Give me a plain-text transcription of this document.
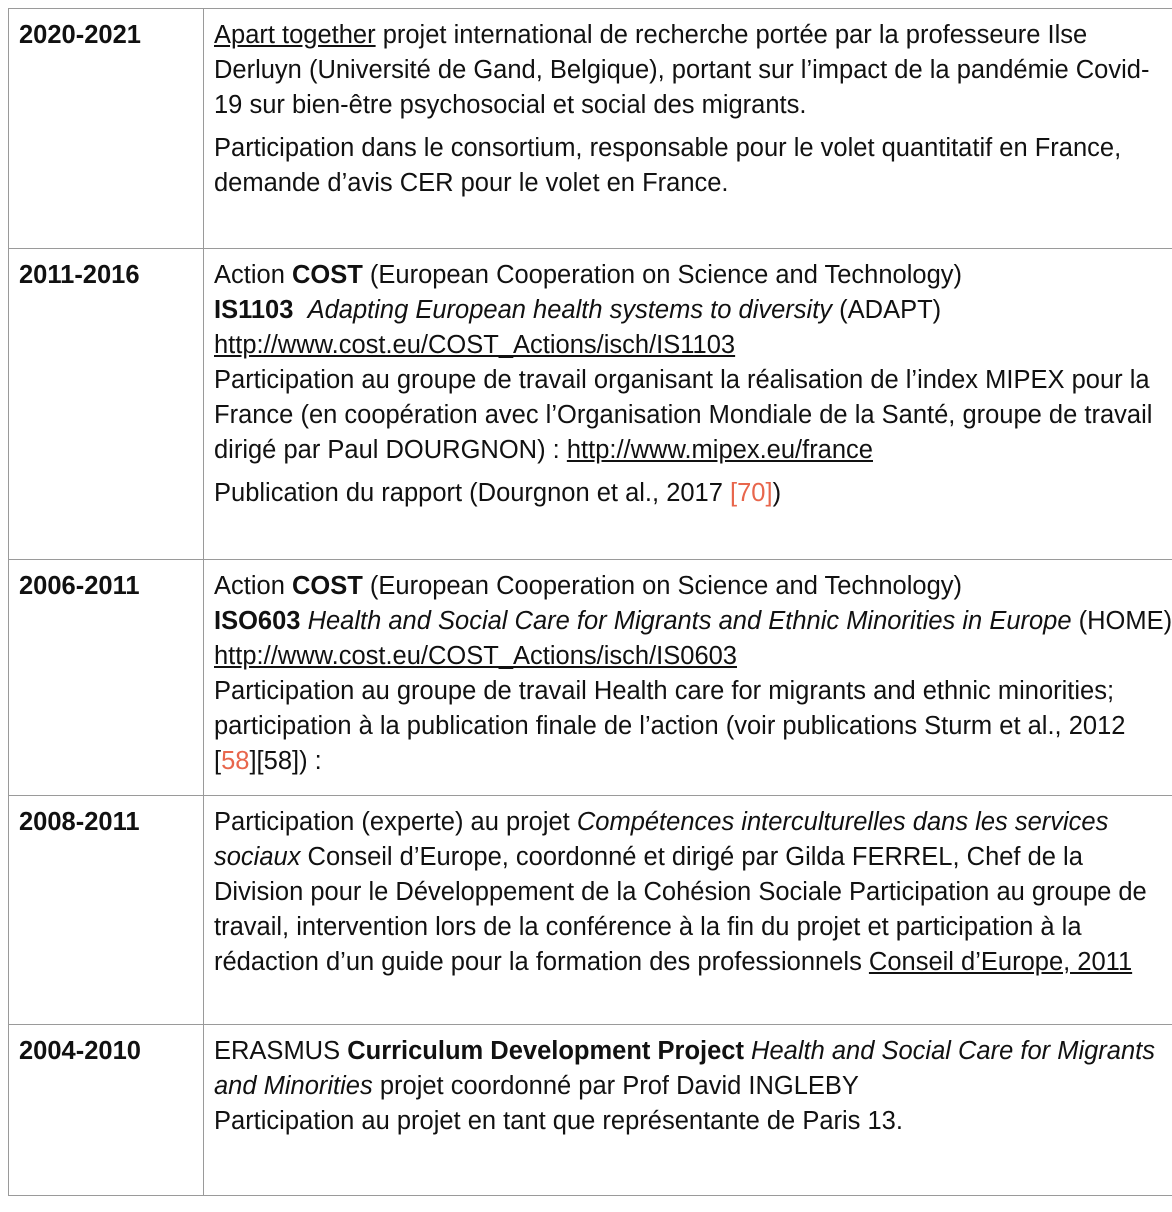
2020-2021	Apart together projet international de recherche portée par la professeure Ilse Derluyn (Université de Gand, Belgique), portant sur l’impact de la pandémie Covid-19 sur bien-être psychosocial et social des migrants.

Participation dans le consortium, responsable pour le volet quantitatif en France, demande d’avis CER pour le volet en France.

2011-2016	Action COST (European Cooperation on Science and Technology)
IS1103 Adapting European health systems to diversity (ADAPT)
http://www.cost.eu/COST_Actions/isch/IS1103
Participation au groupe de travail organisant la réalisation de l’index MIPEX pour la France (en coopération avec l’Organisation Mondiale de la Santé, groupe de travail dirigé par Paul DOURGNON) : http://www.mipex.eu/france

Publication du rapport (Dourgnon et al., 2017 [70])

2006-2011	Action COST (European Cooperation on Science and Technology)
ISO603 Health and Social Care for Migrants and Ethnic Minorities in Europe (HOME) http://www.cost.eu/COST_Actions/isch/IS0603
Participation au groupe de travail Health care for migrants and ethnic minorities; participation à la publication finale de l’action (voir publications Sturm et al., 2012 [58][58]) :

2008-2011	Participation (experte) au projet Compétences interculturelles dans les services sociaux Conseil d’Europe, coordonné et dirigé par Gilda FERREL, Chef de la Division pour le Développement de la Cohésion Sociale Participation au groupe de travail, intervention lors de la conférence à la fin du projet et participation à la rédaction d’un guide pour la formation des professionnels Conseil d’Europe, 2011

2004-2010	ERASMUS Curriculum Development Project Health and Social Care for Migrants and Minorities projet coordonné par Prof David INGLEBY
Participation au projet en tant que représentante de Paris 13.
